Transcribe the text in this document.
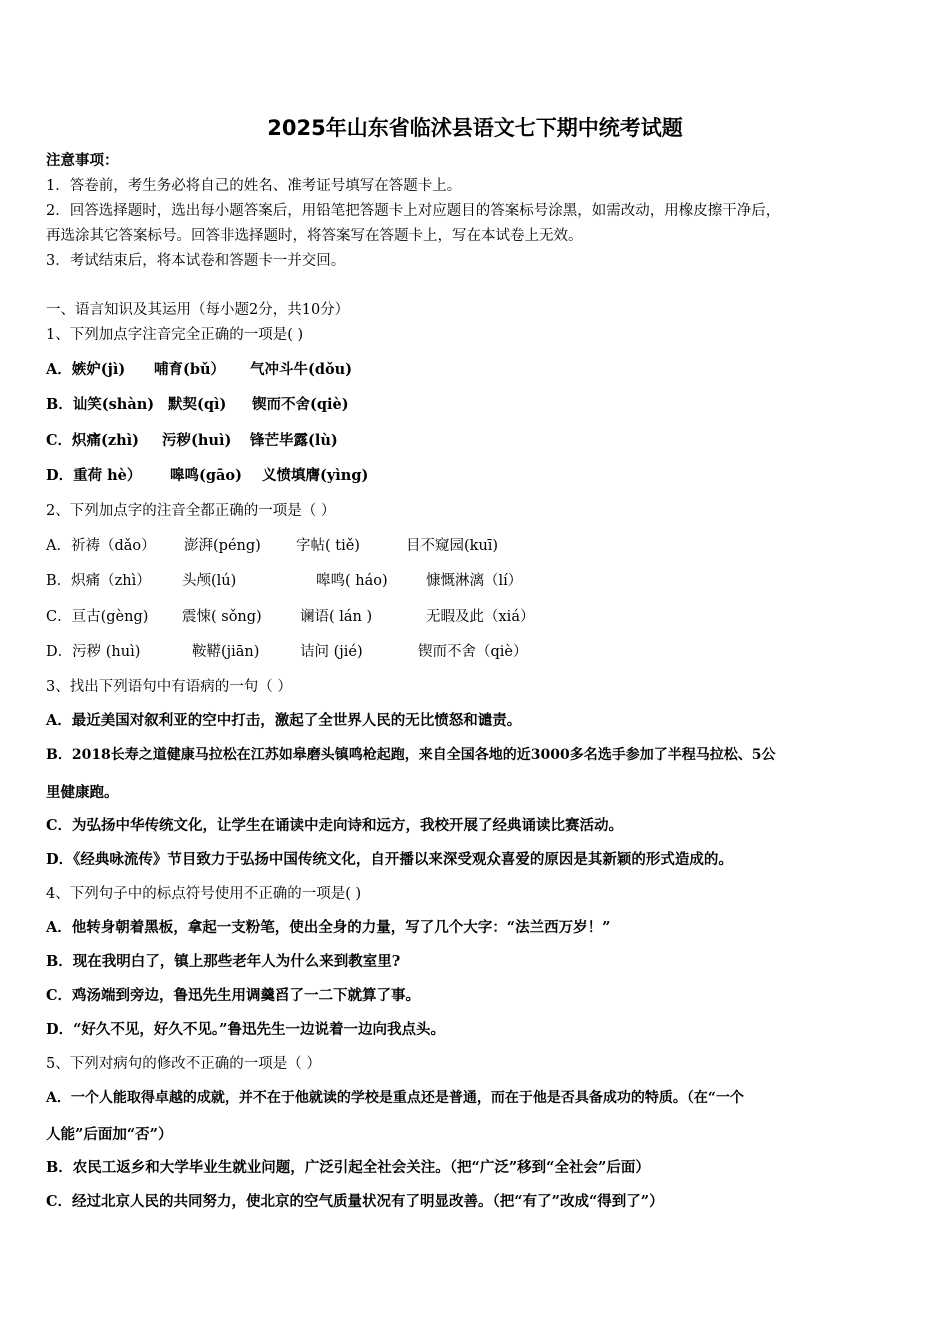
2025年山东省临沭县语文七下期中统考试题
注意事项：
1．答卷前，考生务必将自己的姓名、准考证号填写在答题卡上。
2．回答选择题时，选出每小题答案后，用铅笔把答题卡上对应题目的答案标号涂黑，如需改动，用橡皮擦干净后，
再选涂其它答案标号。回答非选择题时，将答案写在答题卡上，写在本试卷上无效。
3．考试结束后，将本试卷和答题卡一并交回。
一、语言知识及其运用（每小题2分，共10分）
1、下列加点字注音完全正确的一项是( )
A．嫉妒(jì) 哺育(bǔ） 气冲斗牛(dǒu)
B．讪笑(shàn) 默契(qì) 锲而不舍(qiè)
C．炽痛(zhì) 污秽(huì) 锋芒毕露(lù)
D．重荷 hè） 嗥鸣(gāo) 义愤填膺(yìng)
2、下列加点字的注音全都正确的一项是（ ）
A．祈祷（dǎo） 澎湃(péng) 字帖( tiě)	目不窥园(kuī)
B．炽痛（zhì） 头颅(lú)	嗥鸣( háo)	慷慨淋漓（lí）
C．亘古(gèng) 震悚( sǒng)	谰语( lán )	无暇及此（xiá）
D．污秽 (huì)	鞍鞯(jiān)	诘问 (jié)	锲而不舍（qiè）
3、找出下列语句中有语病的一句（ ）
A．最近美国对叙利亚的空中打击，激起了全世界人民的无比愤怒和谴责。
B．2018长寿之道健康马拉松在江苏如皋磨头镇鸣枪起跑，来自全国各地的近3000多名选手参加了半程马拉松、5公
里健康跑。
C．为弘扬中华传统文化，让学生在诵读中走向诗和远方，我校开展了经典诵读比赛活动。
D．《经典咏流传》节目致力于弘扬中国传统文化，自开播以来深受观众喜爱的原因是其新颖的形式造成的。
4、下列句子中的标点符号使用不正确的一项是( )
A．他转身朝着黑板，拿起一支粉笔，使出全身的力量，写了几个大字：“法兰西万岁！”
B．现在我明白了，镇上那些老年人为什么来到教室里?
C．鸡汤端到旁边，鲁迅先生用调羹舀了一二下就算了事。
D．“好久不见，好久不见。”鲁迅先生一边说着一边向我点头。
5、下列对病句的修改不正确的一项是（ ）
A．一个人能取得卓越的成就，并不在于他就读的学校是重点还是普通，而在于他是否具备成功的特质。（在“一个
人能”后面加“否”）
B．农民工返乡和大学毕业生就业问题，广泛引起全社会关注。（把“广泛”移到“全社会”后面）
C．经过北京人民的共同努力，使北京的空气质量状况有了明显改善。（把“有了”改成“得到了”）
